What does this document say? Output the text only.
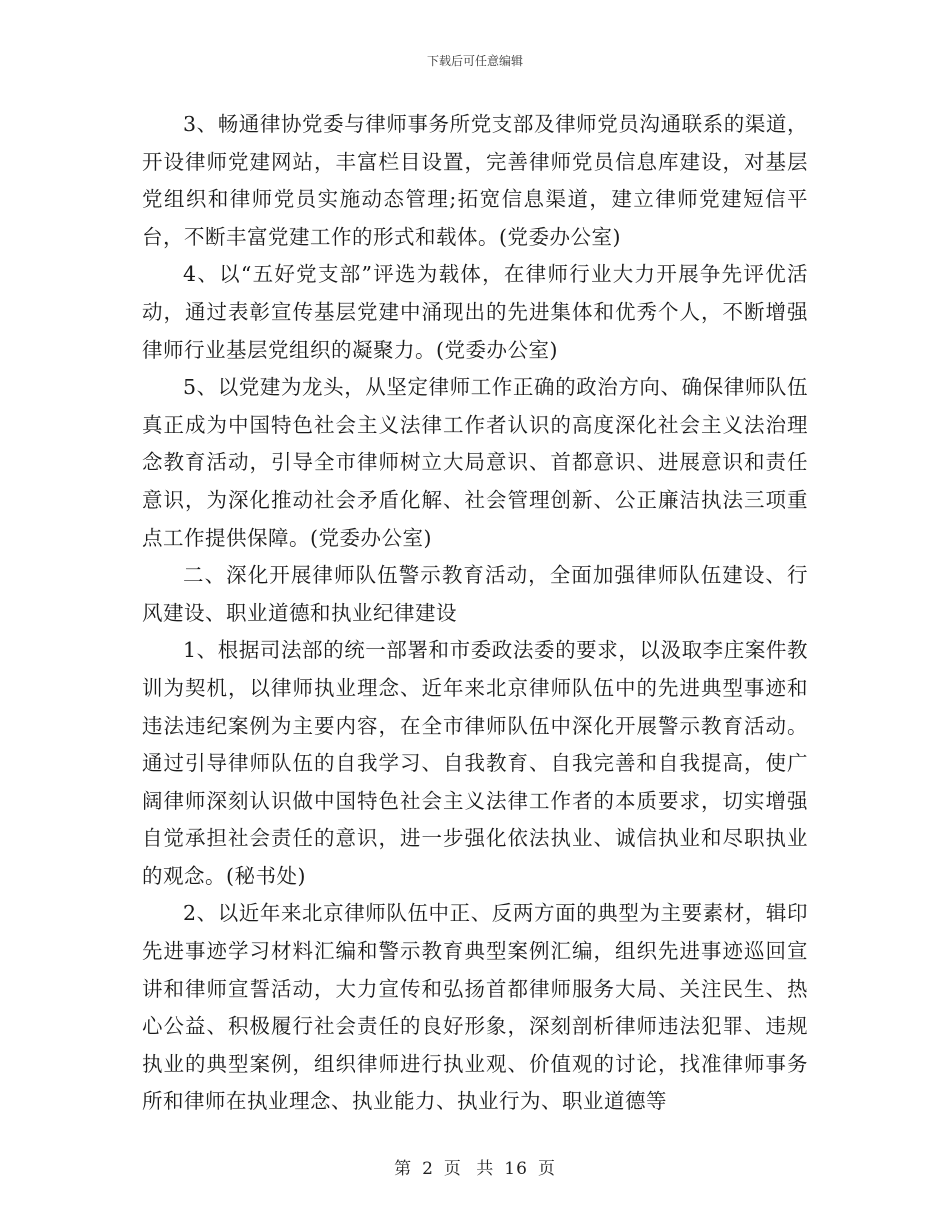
下载后可任意编辑

3、畅通律协党委与律师事务所党支部及律师党员沟通联系的渠道，开设律师党建网站，丰富栏目设置，完善律师党员信息库建设，对基层党组织和律师党员实施动态管理;拓宽信息渠道，建立律师党建短信平台，不断丰富党建工作的形式和载体。(党委办公室)

4、以“五好党支部”评选为载体，在律师行业大力开展争先评优活动，通过表彰宣传基层党建中涌现出的先进集体和优秀个人，不断增强律师行业基层党组织的凝聚力。(党委办公室)

5、以党建为龙头，从坚定律师工作正确的政治方向、确保律师队伍真正成为中国特色社会主义法律工作者认识的高度深化社会主义法治理念教育活动，引导全市律师树立大局意识、首都意识、进展意识和责任意识，为深化推动社会矛盾化解、社会管理创新、公正廉洁执法三项重点工作提供保障。(党委办公室)

二、深化开展律师队伍警示教育活动，全面加强律师队伍建设、行风建设、职业道德和执业纪律建设

1、根据司法部的统一部署和市委政法委的要求，以汲取李庄案件教训为契机，以律师执业理念、近年来北京律师队伍中的先进典型事迹和违法违纪案例为主要内容，在全市律师队伍中深化开展警示教育活动。通过引导律师队伍的自我学习、自我教育、自我完善和自我提高，使广阔律师深刻认识做中国特色社会主义法律工作者的本质要求，切实增强自觉承担社会责任的意识，进一步强化依法执业、诚信执业和尽职执业的观念。(秘书处)

2、以近年来北京律师队伍中正、反两方面的典型为主要素材，辑印先进事迹学习材料汇编和警示教育典型案例汇编，组织先进事迹巡回宣讲和律师宣誓活动，大力宣传和弘扬首都律师服务大局、关注民生、热心公益、积极履行社会责任的良好形象，深刻剖析律师违法犯罪、违规执业的典型案例，组织律师进行执业观、价值观的讨论，找准律师事务所和律师在执业理念、执业能力、执业行为、职业道德等

第 2 页 共 16 页
